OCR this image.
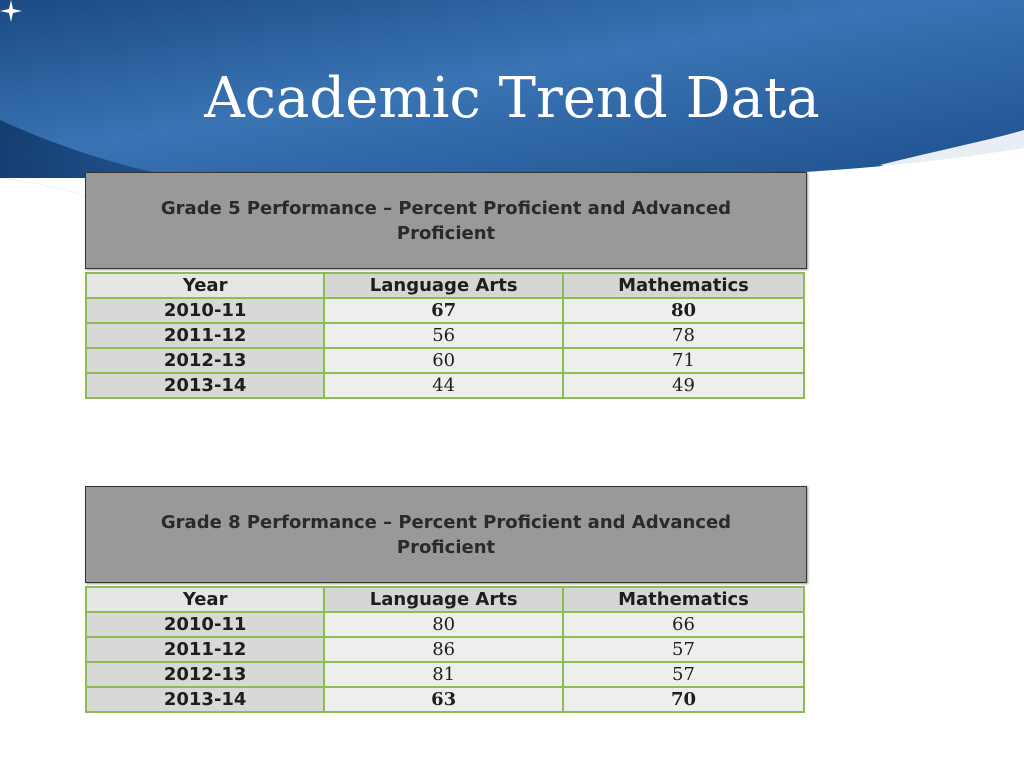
Academic Trend Data
Grade 5 Performance – Percent Proficient and Advanced Proficient
Year	Language Arts	Mathematics
2010-11	67	80
2011-12	56	78
2012-13	60	71
2013-14	44	49
Grade 8 Performance – Percent Proficient and Advanced Proficient
Year	Language Arts	Mathematics
2010-11	80	66
2011-12	86	57
2012-13	81	57
2013-14	63	70
